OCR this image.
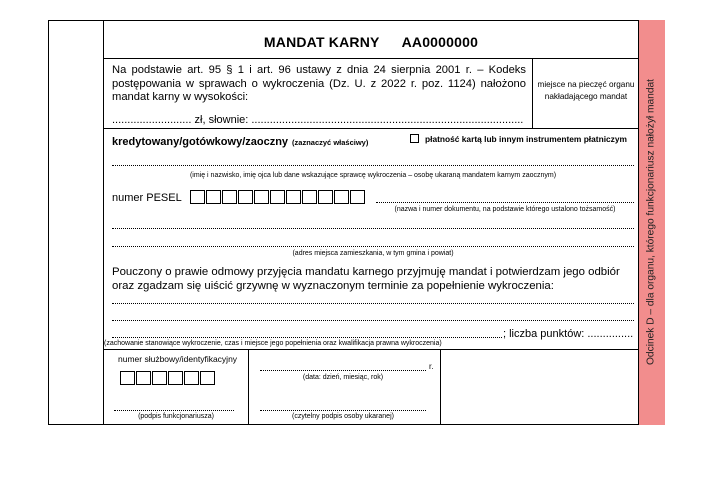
MANDAT KARNY AA0000000
Na podstawie art. 95 § 1 i art. 96 ustawy z dnia 24 sierpnia 2001 r. – Kodeks postępowania w sprawach o wykroczenia (Dz. U. z 2022 r. poz. 1124) nałożono mandat karny w wysokości:
.......................... zł, słownie: .........................................................................................
miejsce na pieczęć organu nakładającego mandat
kredytowany/gotówkowy/zaoczny (zaznaczyć właściwy)	płatność kartą lub innym instrumentem płatniczym
(imię i nazwisko, imię ojca lub dane wskazujące sprawcę wykroczenia – osobę ukaraną mandatem karnym zaocznym)
numer PESEL
(nazwa i numer dokumentu, na podstawie którego ustalono tożsamość)
(adres miejsca zamieszkania, w tym gmina i powiat)
Pouczony o prawie odmowy przyjęcia mandatu karnego przyjmuję mandat i potwierdzam jego odbiór oraz zgadzam się uiścić grzywnę w wyznaczonym terminie za popełnienie wykroczenia:
; liczba punktów: ...............
(zachowanie stanowiące wykroczenie, czas i miejsce jego popełnienia oraz kwalifikacja prawna wykroczenia)
numer służbowy/identyfikacyjny
(podpis funkcjonariusza)
r.
(data: dzień, miesiąc, rok)
(czytelny podpis osoby ukaranej)
Odcinek D – dla organu, którego funkcjonariusz nałożył mandat
